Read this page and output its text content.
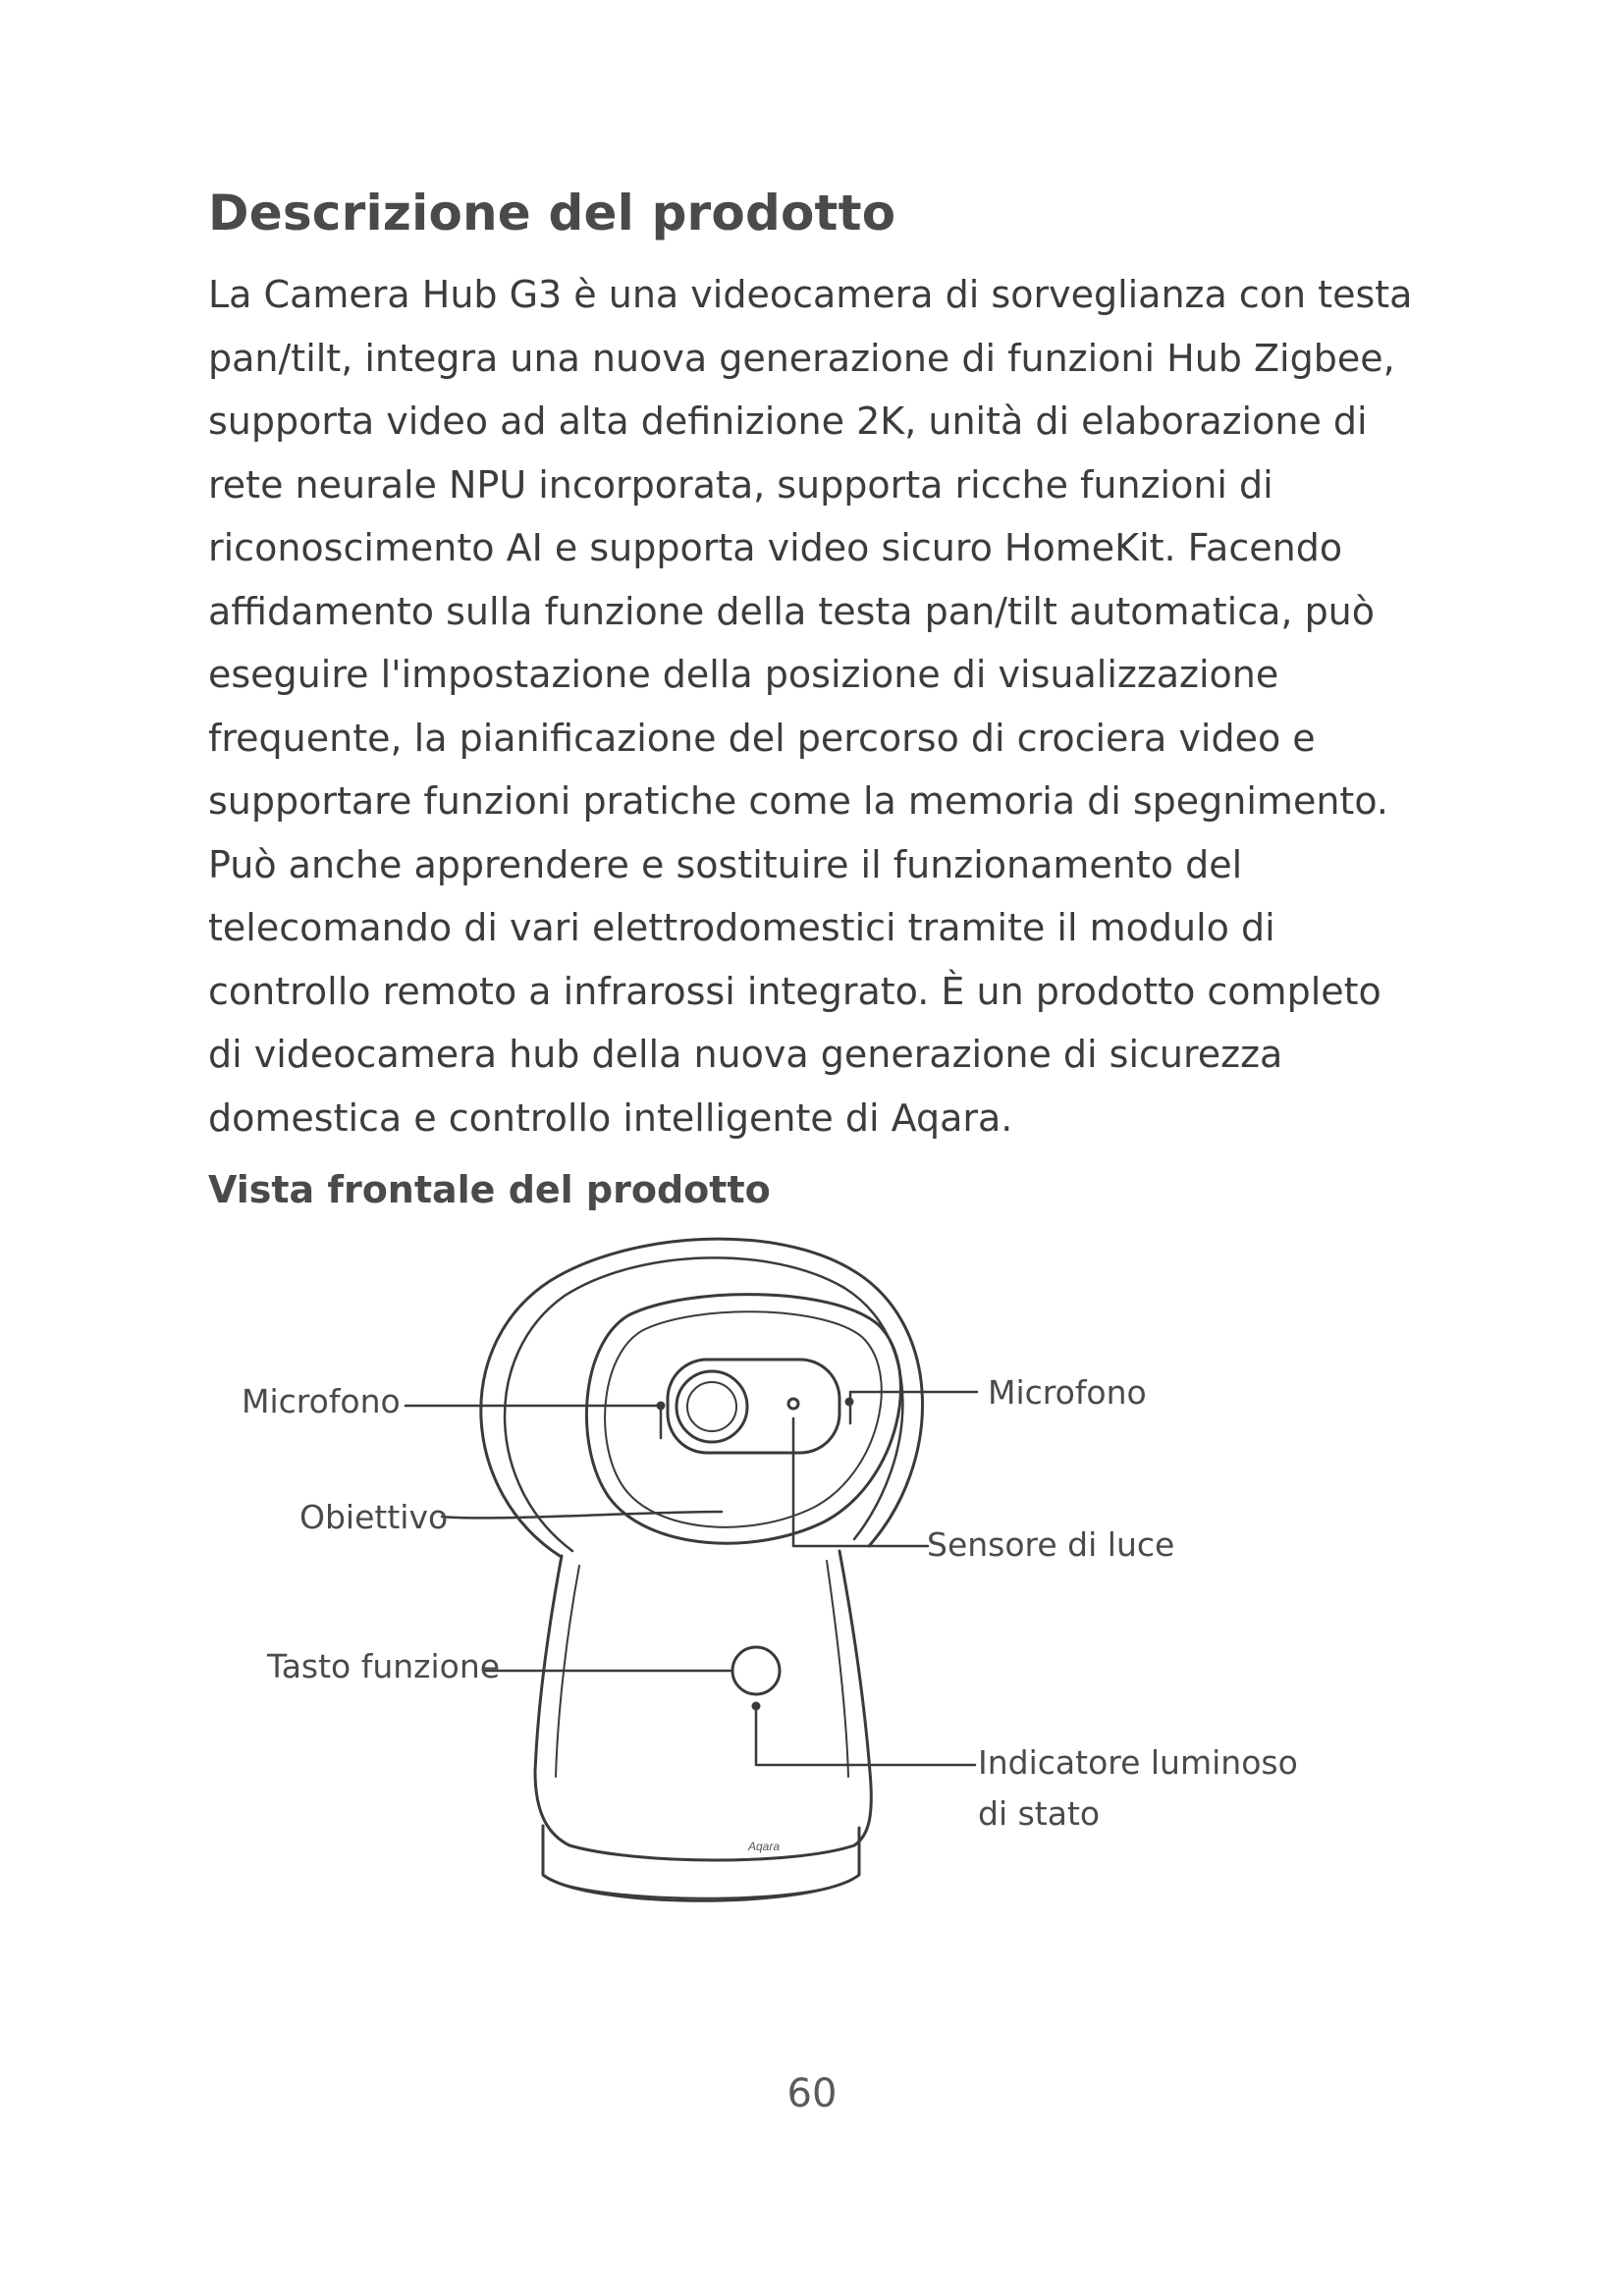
Descrizione del prodotto

La Camera Hub G3 è una videocamera di sorveglianza con testa
pan/tilt, integra una nuova generazione di funzioni Hub Zigbee,
supporta video ad alta definizione 2K, unità di elaborazione di
rete neurale NPU incorporata, supporta ricche funzioni di
riconoscimento AI e supporta video sicuro HomeKit. Facendo
affidamento sulla funzione della testa pan/tilt automatica, può
eseguire l'impostazione della posizione di visualizzazione
frequente, la pianificazione del percorso di crociera video e
supportare funzioni pratiche come la memoria di spegnimento.
Può anche apprendere e sostituire il funzionamento del
telecomando di vari elettrodomestici tramite il modulo di
controllo remoto a infrarossi integrato. È un prodotto completo
di videocamera hub della nuova generazione di sicurezza
domestica e controllo intelligente di Aqara.

Vista frontale del prodotto
Aqara
Microfono	Microfono
Obiettivo
Sensore di luce
Tasto funzione
Indicatore luminoso
di stato
60
